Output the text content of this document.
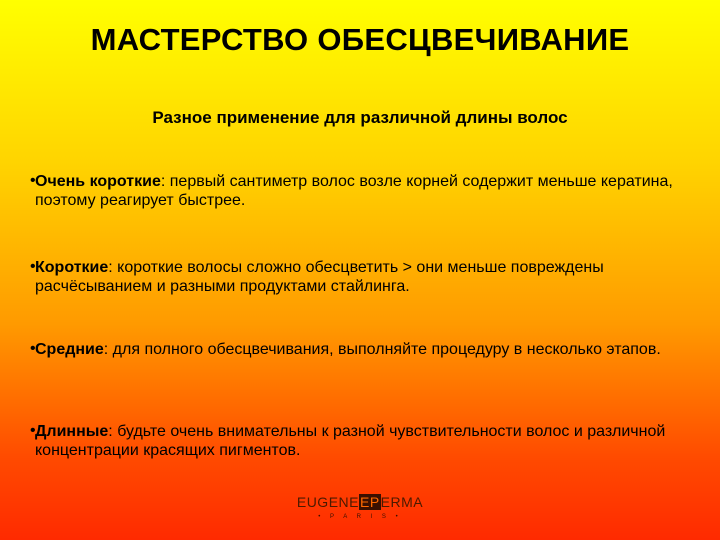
МАСТЕРСТВО ОБЕСЦВЕЧИВАНИЕ
Разное применение для различной длины волос
• Очень короткие: первый сантиметр волос возле корней содержит меньше кератина, поэтому реагирует быстрее.
• Короткие: короткие волосы сложно обесцветить > они меньше повреждены расчёсыванием и разными продуктами стайлинга.
• Средние: для полного обесцвечивания, выполняйте процедуру в несколько этапов.
• Длинные: будьте очень внимательны к разной чувствительности волос и различной концентрации красящих пигментов.
EUGENEEPERMA
• P A R I S •
